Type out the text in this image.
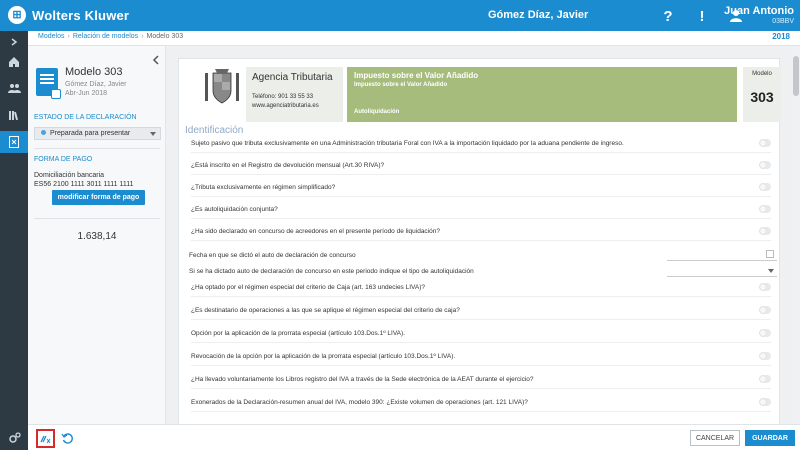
⊞ Wolters Kluwer	Gómez Díaz, Javier	?	!	Juan Antonio
03BBV
Modelos › Relación de modelos › Modelo 303	2018
Modelo 303
Gómez Díaz, Javier
Abr-Jun 2018
ESTADO DE LA DECLARACIÓN
Preparada para presentar
FORMA DE PAGO
Domiciliación bancaria
ES56 2100 1111 3011 1111 1111
modificar forma de pago
1.638,14
Agencia Tributaria
Teléfono: 901 33 55 33
www.agenciatributaria.es
Impuesto sobre el Valor Añadido
Impuesto sobre el Valor Añadido
Autoliquidación
Modelo
303
Identificación
Sujeto pasivo que tributa exclusivamente en una Administración tributaria Foral con IVA a la importación liquidado por la aduana pendiente de ingreso.
¿Está inscrito en el Registro de devolución mensual (Art.30 RIVA)?
¿Tributa exclusivamente en régimen simplificado?
¿Es autoliquidación conjunta?
¿Ha sido declarado en concurso de acreedores en el presente período de liquidación?
Fecha en que se dictó el auto de declaración de concurso
Si se ha dictado auto de declaración de concurso en este periodo indique el tipo de autoliquidación
¿Ha optado por el régimen especial del criterio de Caja (art. 163 undecies LIVA)?
¿Es destinatario de operaciones a las que se aplique el régimen especial del criterio de caja?
Opción por la aplicación de la prorrata especial (artículo 103.Dos.1º LIVA).
Revocación de la opción por la aplicación de la prorrata especial (artículo 103.Dos.1º LIVA).
¿Ha llevado voluntariamente los Libros registro del IVA a través de la Sede electrónica de la AEAT durante el ejercicio?
Exonerados de la Declaración-resumen anual del IVA, modelo 390: ¿Existe volumen de operaciones (art. 121 LIVA)?
CANCELAR	GUARDAR
